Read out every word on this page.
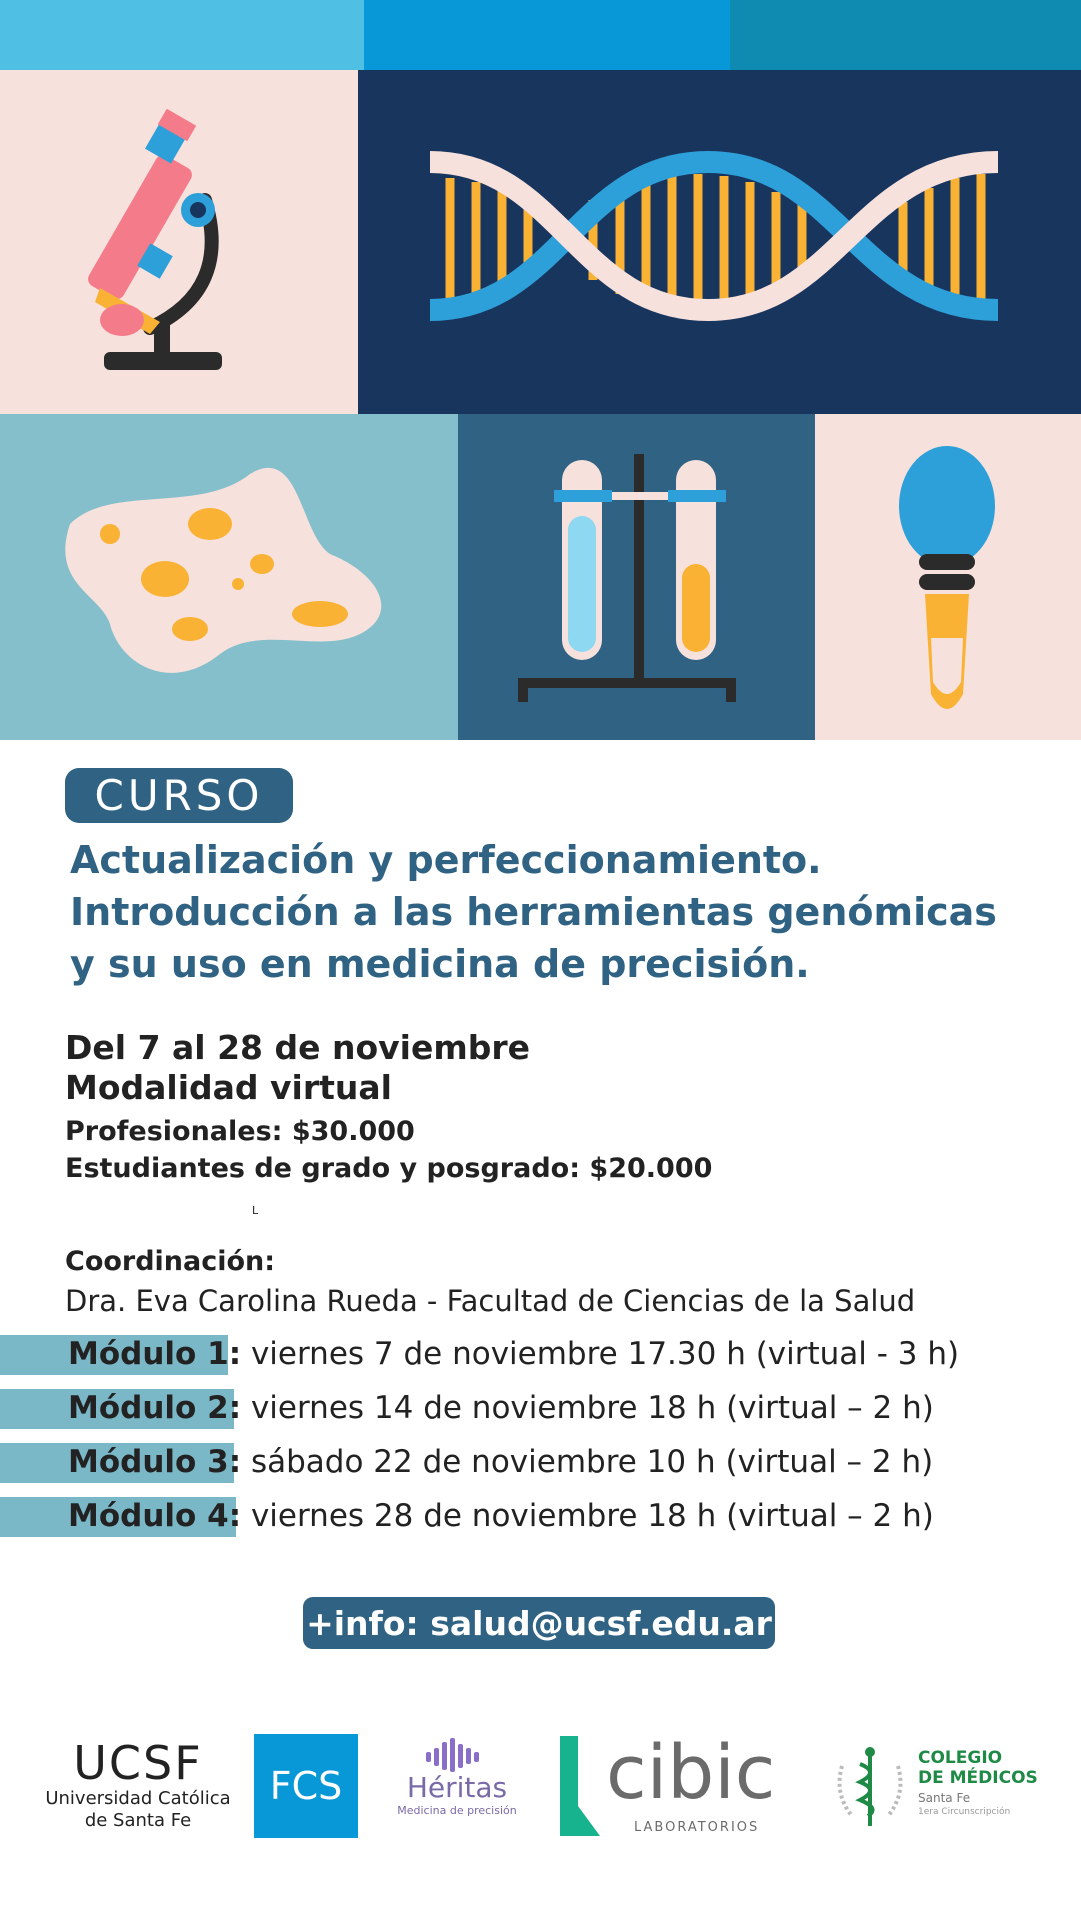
CURSO
Actualización y perfeccionamiento.
Introducción a las herramientas genómicas
y su uso en medicina de precisión.
Del 7 al 28 de noviembre
Modalidad virtual
Profesionales: $30.000
Estudiantes de grado y posgrado: $20.000
L
Coordinación:
Dra. Eva Carolina Rueda - Facultad de Ciencias de la Salud
Módulo 1: viernes 7 de noviembre 17.30 h (virtual - 3 h)
Módulo 2: viernes 14 de noviembre 18 h (virtual – 2 h)
Módulo 3: sábado 22 de noviembre 10 h (virtual – 2 h)
Módulo 4: viernes 28 de noviembre 18 h (virtual – 2 h)
+info: salud@ucsf.edu.ar
UCSF
Universidad Católica
de Santa Fe
FCS	Héritas
Medicina de precisión cibic
LABORATORIOS
COLEGIO
DE MÉDICOS
Santa Fe
1era Circunscripción
